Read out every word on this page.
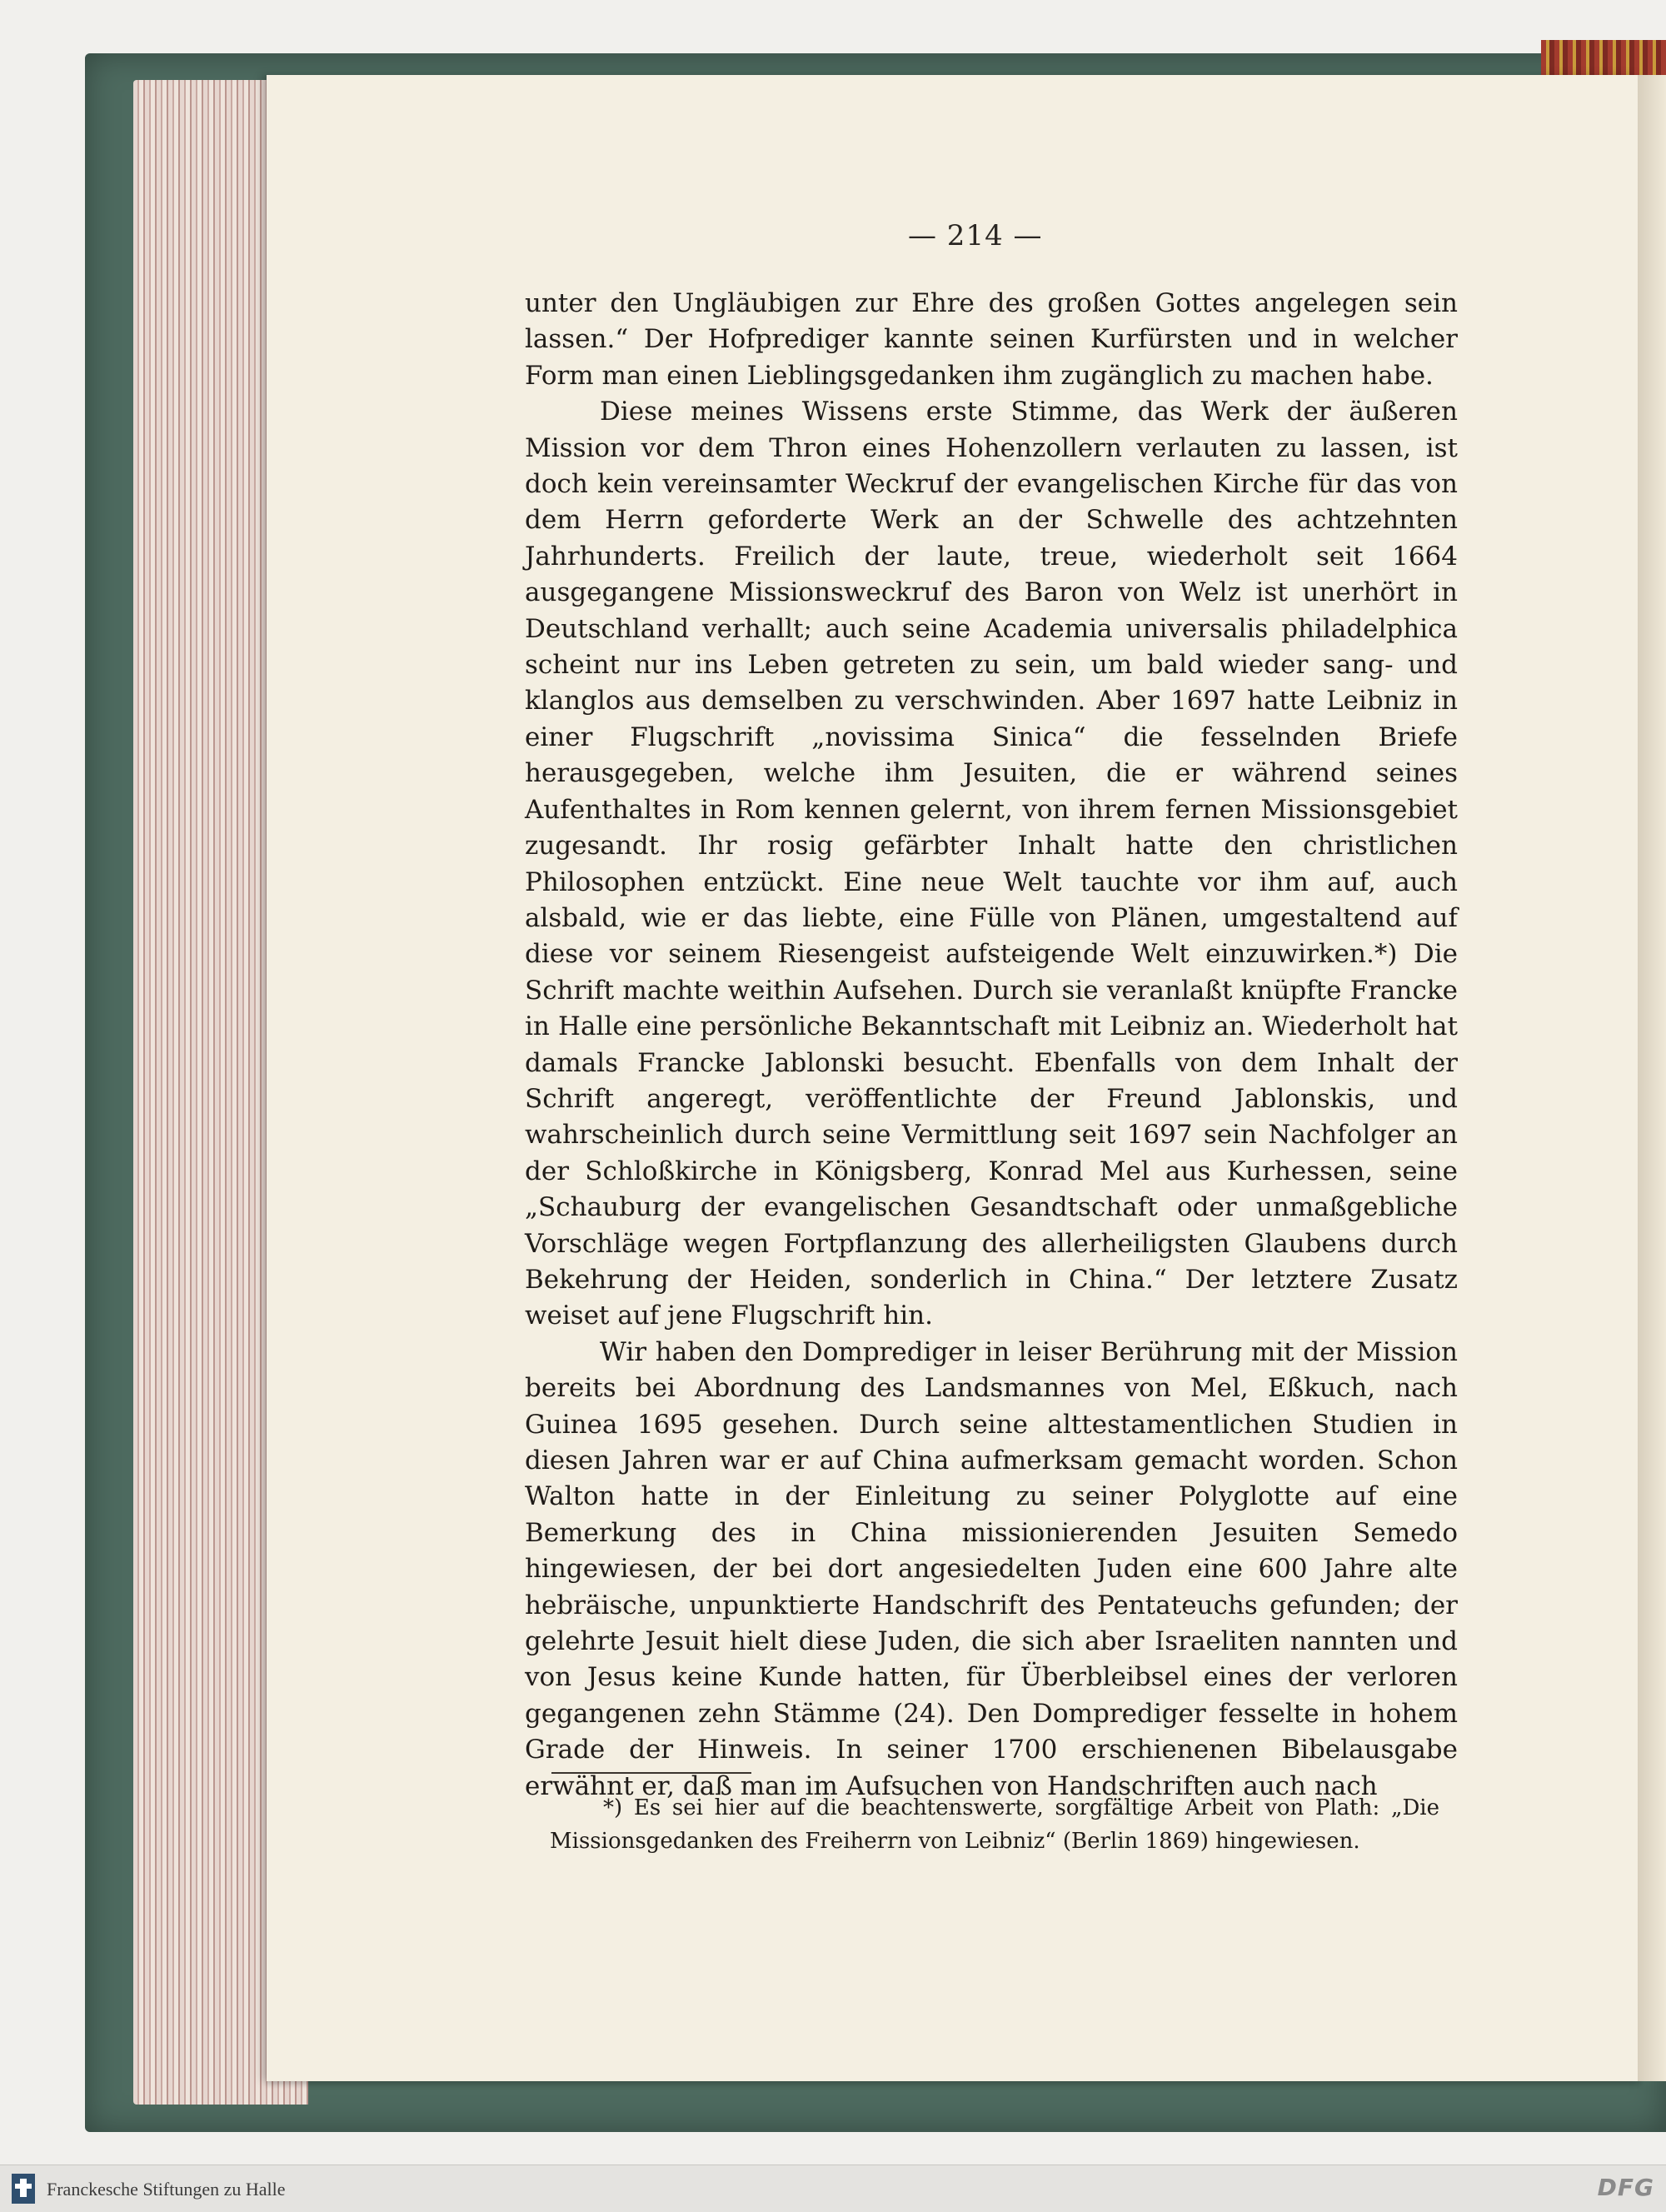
— 214 —

unter den Ungläubigen zur Ehre des großen Gottes angelegen sein lassen.“ Der Hofprediger kannte seinen Kurfürsten und in welcher Form man einen Lieblingsgedanken ihm zugänglich zu machen habe.

Diese meines Wissens erste Stimme, das Werk der äußeren Mission vor dem Thron eines Hohenzollern verlauten zu lassen, ist doch kein vereinsamter Weckruf der evangelischen Kirche für das von dem Herrn geforderte Werk an der Schwelle des achtzehnten Jahrhunderts. Freilich der laute, treue, wiederholt seit 1664 ausgegangene Missionsweckruf des Baron von Welz ist unerhört in Deutschland verhallt; auch seine Academia universalis philadelphica scheint nur ins Leben getreten zu sein, um bald wieder sang- und klanglos aus demselben zu verschwinden. Aber 1697 hatte Leibniz in einer Flugschrift „novissima Sinica“ die fesselnden Briefe herausgegeben, welche ihm Jesuiten, die er während seines Aufenthaltes in Rom kennen gelernt, von ihrem fernen Missionsgebiet zugesandt. Ihr rosig gefärbter Inhalt hatte den christlichen Philosophen entzückt. Eine neue Welt tauchte vor ihm auf, auch alsbald, wie er das liebte, eine Fülle von Plänen, umgestaltend auf diese vor seinem Riesengeist aufsteigende Welt einzuwirken.*) Die Schrift machte weithin Aufsehen. Durch sie veranlaßt knüpfte Francke in Halle eine persönliche Bekanntschaft mit Leibniz an. Wiederholt hat damals Francke Jablonski besucht. Ebenfalls von dem Inhalt der Schrift angeregt, veröffentlichte der Freund Jablonskis, und wahrscheinlich durch seine Vermittlung seit 1697 sein Nachfolger an der Schloßkirche in Königsberg, Konrad Mel aus Kurhessen, seine „Schauburg der evangelischen Gesandtschaft oder unmaßgebliche Vorschläge wegen Fortpflanzung des allerheiligsten Glaubens durch Bekehrung der Heiden, sonderlich in China.“ Der letztere Zusatz weiset auf jene Flugschrift hin.

Wir haben den Domprediger in leiser Berührung mit der Mission bereits bei Abordnung des Landsmannes von Mel, Eßkuch, nach Guinea 1695 gesehen. Durch seine alttestamentlichen Studien in diesen Jahren war er auf China aufmerksam gemacht worden. Schon Walton hatte in der Einleitung zu seiner Polyglotte auf eine Bemerkung des in China missionierenden Jesuiten Semedo hingewiesen, der bei dort angesiedelten Juden eine 600 Jahre alte hebräische, unpunktierte Handschrift des Pentateuchs gefunden; der gelehrte Jesuit hielt diese Juden, die sich aber Israeliten nannten und von Jesus keine Kunde hatten, für Überbleibsel eines der verloren gegangenen zehn Stämme (24). Den Domprediger fesselte in hohem Grade der Hinweis. In seiner 1700 erschienenen Bibelausgabe erwähnt er, daß man im Aufsuchen von Handschriften auch nach

*) Es sei hier auf die beachtenswerte, sorgfältige Arbeit von Plath: „Die Missionsgedanken des Freiherrn von Leibniz“ (Berlin 1869) hingewiesen.
Franckesche Stiftungen zu Halle	DFG
